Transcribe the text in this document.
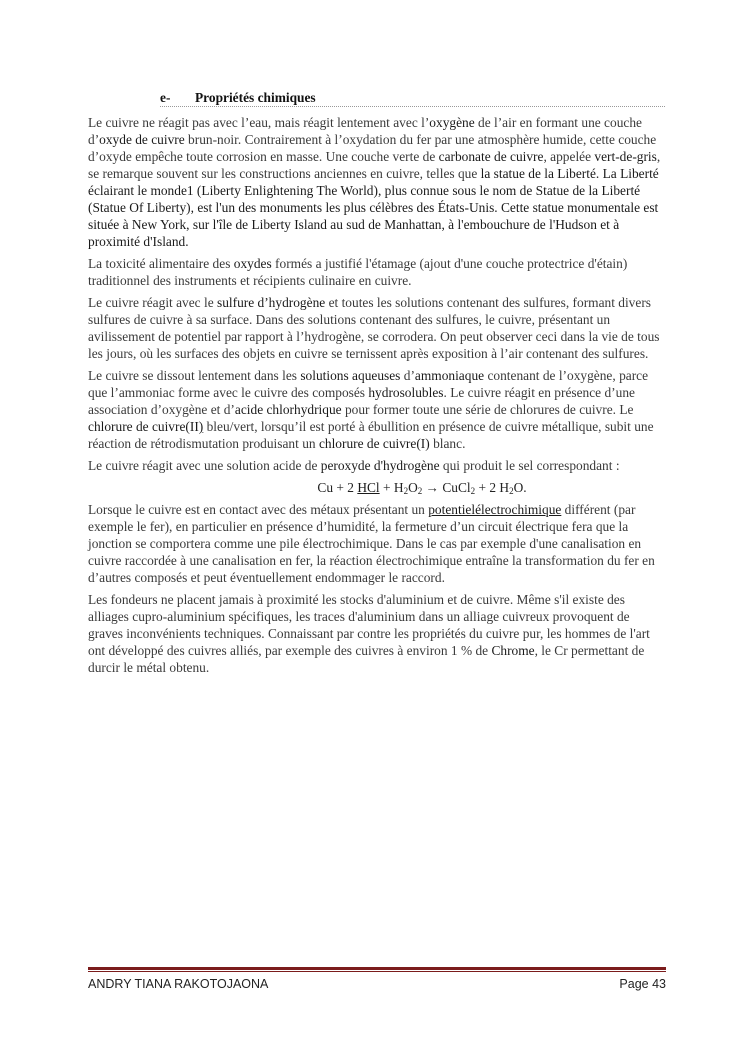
e- Propriétés chimiques

Le cuivre ne réagit pas avec l’eau, mais réagit lentement avec l’oxygène de l’air en formant une couche d’oxyde de cuivre brun-noir. Contrairement à l’oxydation du fer par une atmosphère humide, cette couche d’oxyde empêche toute corrosion en masse. Une couche verte de carbonate de cuivre, appelée vert-de-gris, se remarque souvent sur les constructions anciennes en cuivre, telles que la statue de la Liberté. La Liberté éclairant le monde1 (Liberty Enlightening The World), plus connue sous le nom de Statue de la Liberté (Statue Of Liberty), est l'un des monuments les plus célèbres des États-Unis. Cette statue monumentale est située à New York, sur l'île de Liberty Island au sud de Manhattan, à l'embouchure de l'Hudson et à proximité d'Island.

La toxicité alimentaire des oxydes formés a justifié l'étamage (ajout d'une couche protectrice d'étain) traditionnel des instruments et récipients culinaire en cuivre.

Le cuivre réagit avec le sulfure d’hydrogène et toutes les solutions contenant des sulfures, formant divers sulfures de cuivre à sa surface. Dans des solutions contenant des sulfures, le cuivre, présentant un avilissement de potentiel par rapport à l’hydrogène, se corrodera. On peut observer ceci dans la vie de tous les jours, où les surfaces des objets en cuivre se ternissent après exposition à l’air contenant des sulfures.

Le cuivre se dissout lentement dans les solutions aqueuses d’ammoniaque contenant de l’oxygène, parce que l’ammoniac forme avec le cuivre des composés hydrosolubles. Le cuivre réagit en présence d’une association d’oxygène et d’acide chlorhydrique pour former toute une série de chlorures de cuivre. Le chlorure de cuivre(II) bleu/vert, lorsqu’il est porté à ébullition en présence de cuivre métallique, subit une réaction de rétrodismutation produisant un chlorure de cuivre(I) blanc.

Le cuivre réagit avec une solution acide de peroxyde d'hydrogène qui produit le sel correspondant :

Cu + 2 HCl + $H_2O_2$ → CuCl$_2$ + 2 $H_2O$.

Lorsque le cuivre est en contact avec des métaux présentant un potentielélectrochimique différent (par exemple le fer), en particulier en présence d’humidité, la fermeture d’un circuit électrique fera que la jonction se comportera comme une pile électrochimique. Dans le cas par exemple d'une canalisation en cuivre raccordée à une canalisation en fer, la réaction électrochimique entraîne la transformation du fer en d’autres composés et peut éventuellement endommager le raccord.

Les fondeurs ne placent jamais à proximité les stocks d'aluminium et de cuivre. Même s'il existe des alliages cupro-aluminium spécifiques, les traces d'aluminium dans un alliage cuivreux provoquent de graves inconvénients techniques. Connaissant par contre les propriétés du cuivre pur, les hommes de l'art ont développé des cuivres alliés, par exemple des cuivres à environ 1 % de Chrome, le Cr permettant de durcir le métal obtenu.

ANDRY TIANA RAKOTOJAONA	Page 43
